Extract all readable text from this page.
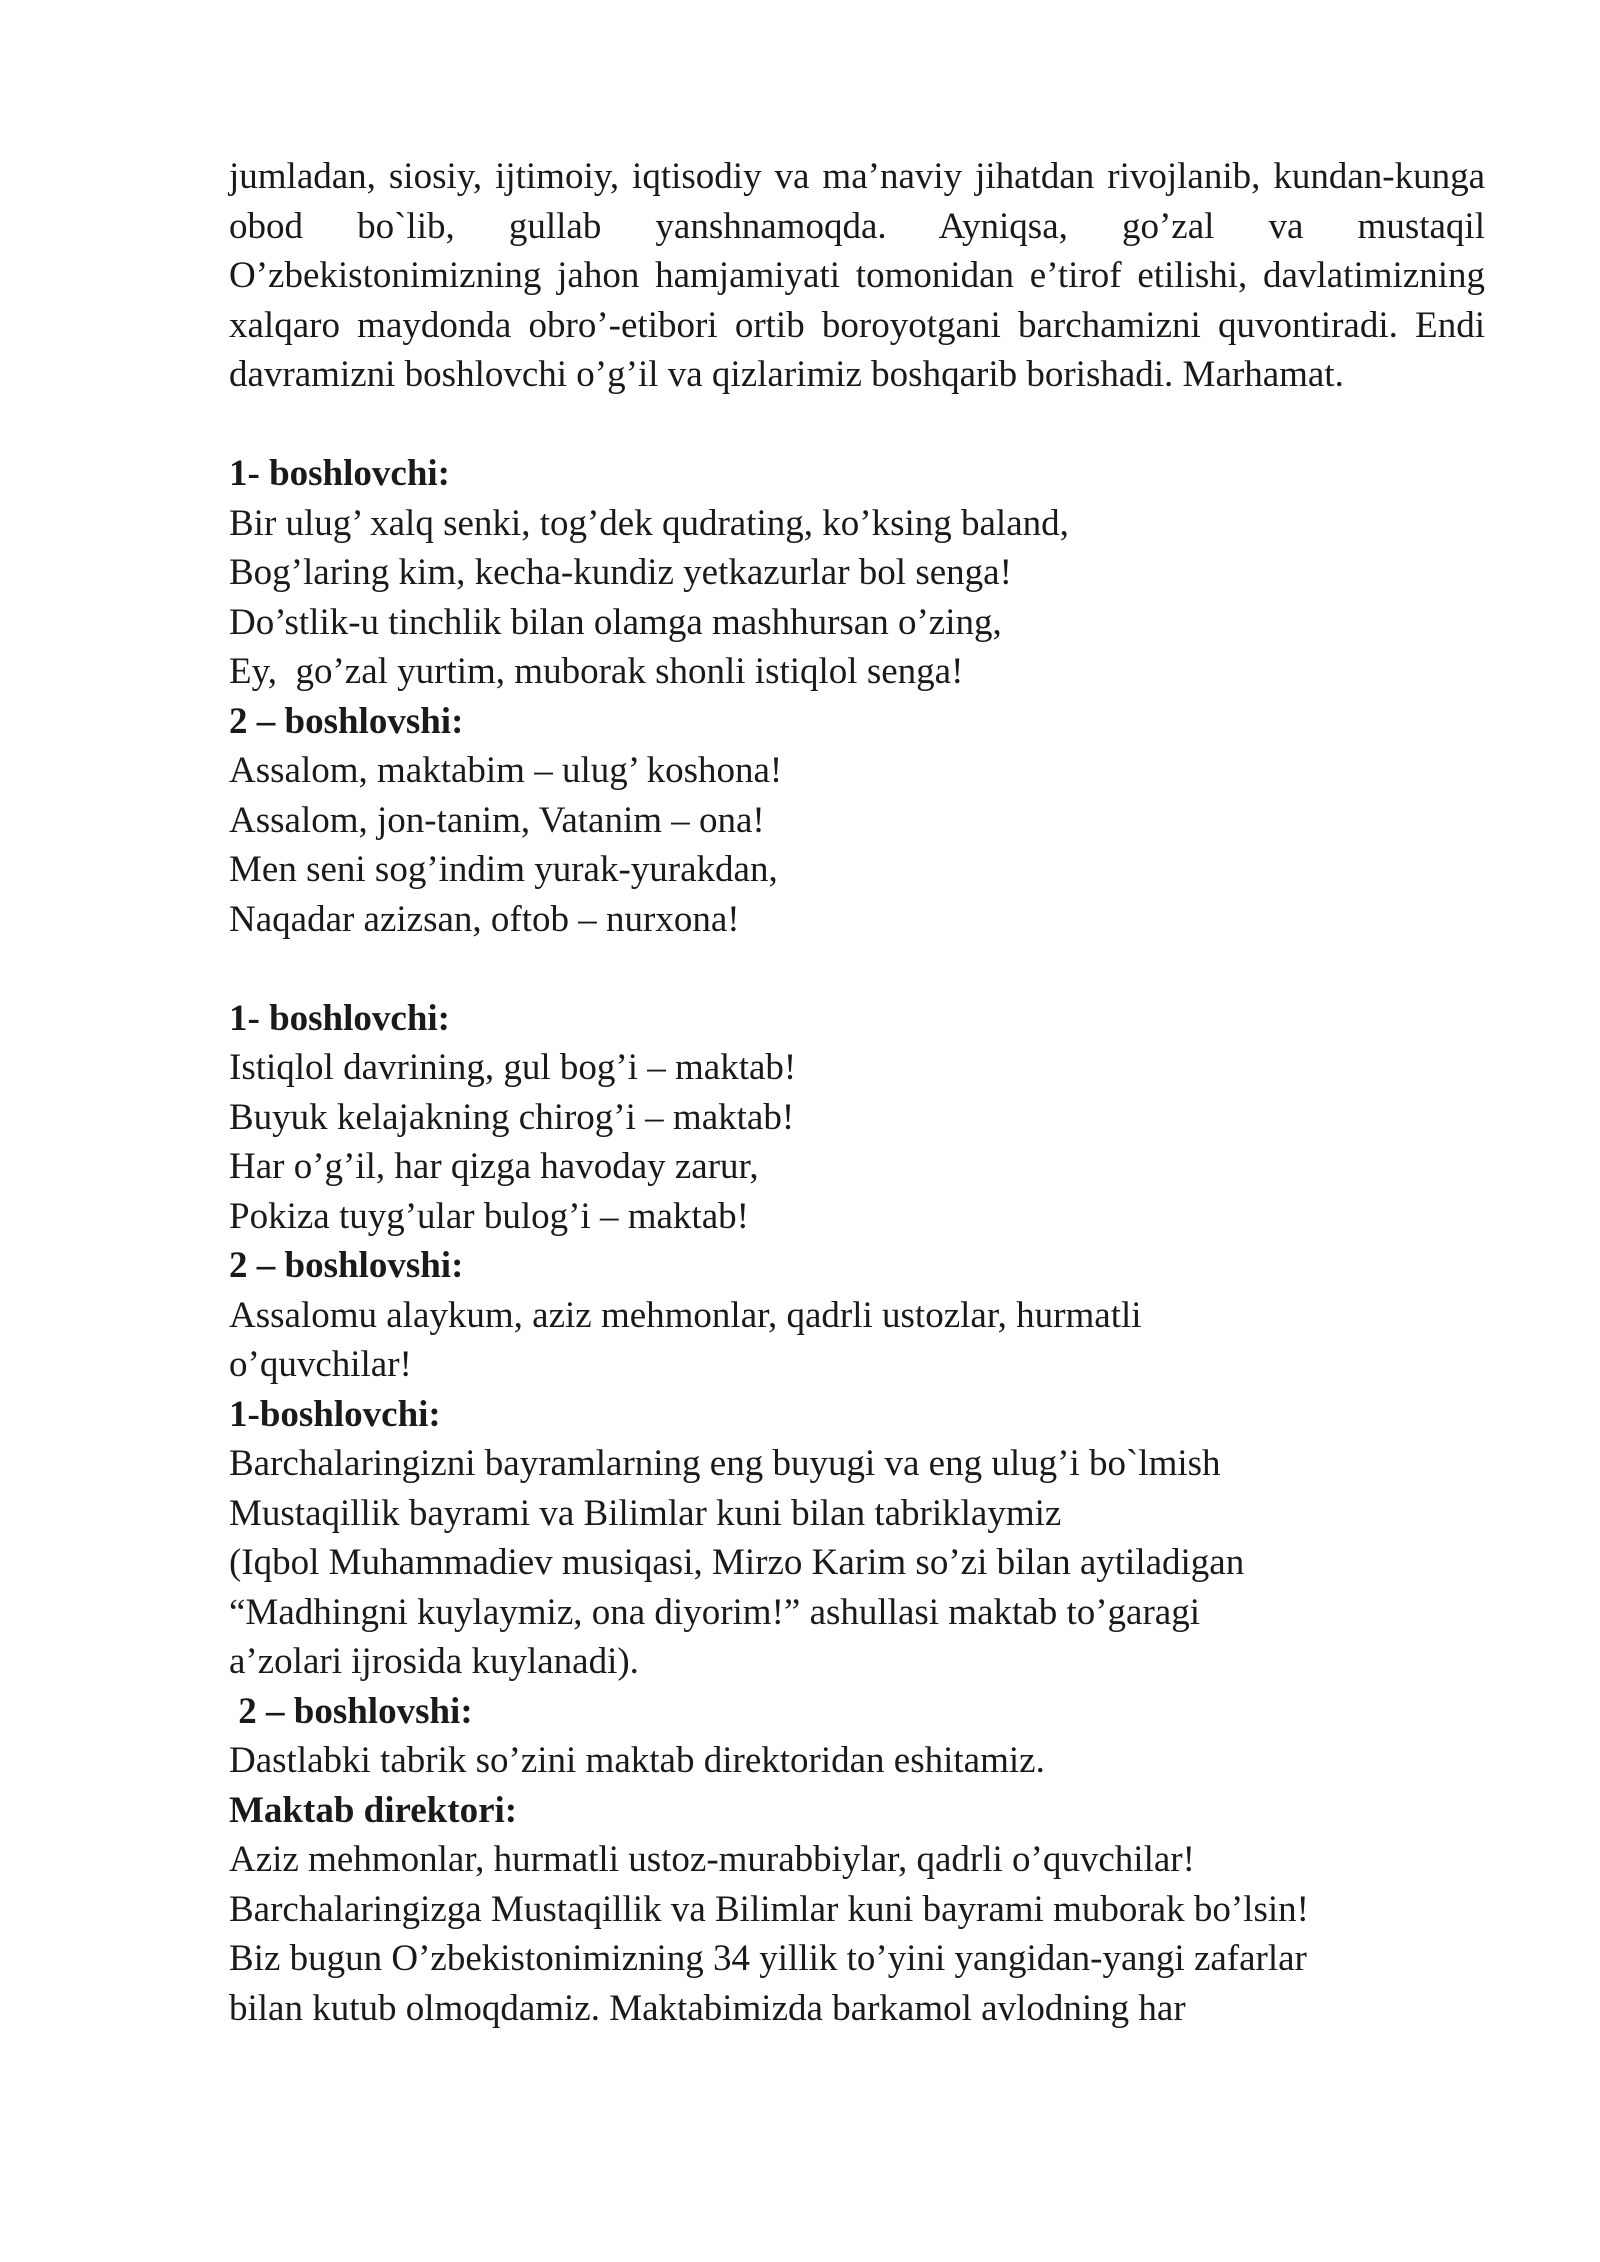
jumladan, siosiy, ijtimoiy, iqtisodiy va ma’naviy jihatdan rivojlanib, kundan-kunga obod bo`lib, gullab yanshnamoqda. Ayniqsa, go’zal va mustaqil O’zbekistonimizning jahon hamjamiyati tomonidan e’tirof etilishi, davlatimizning xalqaro maydonda obro’-etibori ortib boroyotgani barchamizni quvontiradi. Endi davramizni boshlovchi o’g’il va qizlarimiz boshqarib borishadi. Marhamat.

1- boshlovchi:
Bir ulug’ xalq senki, tog’dek qudrating, ko’ksing baland,
Bog’laring kim, kecha-kundiz yetkazurlar bol senga!
Do’stlik-u tinchlik bilan olamga mashhursan o’zing,
Ey,  go’zal yurtim, muborak shonli istiqlol senga!
2 – boshlovshi:
Assalom, maktabim – ulug’ koshona!
Assalom, jon-tanim, Vatanim – ona!
Men seni sog’indim yurak-yurakdan,
Naqadar azizsan, oftob – nurxona!
1- boshlovchi:
Istiqlol davrining, gul bog’i – maktab!
Buyuk kelajakning chirog’i – maktab!
Har o’g’il, har qizga havoday zarur,
Pokiza tuyg’ular bulog’i – maktab!
2 – boshlovshi:
Assalomu alaykum, aziz mehmonlar, qadrli ustozlar, hurmatli
o’quvchilar!
1-boshlovchi:
Barchalaringizni bayramlarning eng buyugi va eng ulug’i bo`lmish
Mustaqillik bayrami va Bilimlar kuni bilan tabriklaymiz
(Iqbol Muhammadiev musiqasi, Mirzo Karim so’zi bilan aytiladigan
“Madhingni kuylaymiz, ona diyorim!” ashullasi maktab to’garagi
a’zolari ijrosida kuylanadi).
2 – boshlovshi:
Dastlabki tabrik so’zini maktab direktoridan eshitamiz.
Maktab direktori:
Aziz mehmonlar, hurmatli ustoz-murabbiylar, qadrli o’quvchilar!
Barchalaringizga Mustaqillik va Bilimlar kuni bayrami muborak bo’lsin!
Biz bugun O’zbekistonimizning 34 yillik to’yini yangidan-yangi zafarlar
bilan kutub olmoqdamiz. Maktabimizda barkamol avlodning har
